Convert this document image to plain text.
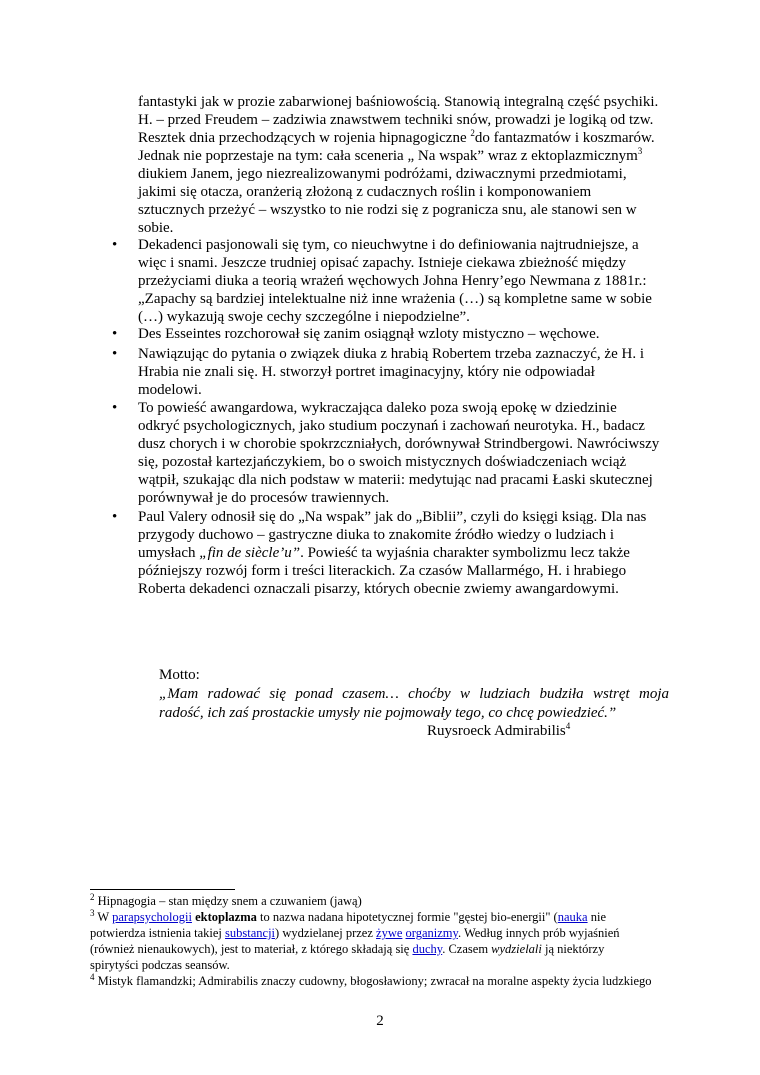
fantastyki jak w prozie zabarwionej baśniowością. Stanowią integralną część psychiki.
H. – przed Freudem – zadziwia znawstwem techniki snów, prowadzi je logiką od tzw.
Resztek dnia przechodzących w rojenia hipnagogiczne $^2$do fantazmatów i koszmarów.
Jednak nie poprzestaje na tym: cała sceneria „ Na wspak” wraz z ektoplazmicznym$^3$
diukiem Janem, jego niezrealizowanymi podróżami, dziwacznymi przedmiotami,
jakimi się otacza, oranżerią złożoną z cudacznych roślin i komponowaniem
sztucznych przeżyć – wszystko to nie rodzi się z pogranicza snu, ale stanowi sen w
sobie.
• Dekadenci pasjonowali się tym, co nieuchwytne i do definiowania najtrudniejsze, a
więc i snami. Jeszcze trudniej opisać zapachy. Istnieje ciekawa zbieżność między
przeżyciami diuka a teorią wrażeń węchowych Johna Henry’ego Newmana z 1881r.:
„Zapachy są bardziej intelektualne niż inne wrażenia (…) są kompletne same w sobie
(…) wykazują swoje cechy szczególne i niepodzielne”.
• Des Esseintes rozchorował się zanim osiągnął wzloty mistyczno – węchowe.
• Nawiązując do pytania o związek diuka z hrabią Robertem trzeba zaznaczyć, że H. i
Hrabia nie znali się. H. stworzył portret imaginacyjny, który nie odpowiadał
modelowi.
• To powieść awangardowa, wykraczająca daleko poza swoją epokę w dziedzinie
odkryć psychologicznych, jako studium poczynań i zachowań neurotyka. H., badacz
dusz chorych i w chorobie spokrzczniałych, dorównywał Strindbergowi. Nawróciwszy
się, pozostał kartezjańczykiem, bo o swoich mistycznych doświadczeniach wciąż
wątpił, szukając dla nich podstaw w materii: medytując nad pracami Łaski skutecznej
porównywał je do procesów trawiennych.
• Paul Valery odnosił się do „Na wspak” jak do „Biblii”, czyli do księgi ksiąg. Dla nas
przygody duchowo – gastryczne diuka to znakomite źródło wiedzy o ludziach i
umysłach „fin de siècle’u”. Powieść ta wyjaśnia charakter symbolizmu lecz także
późniejszy rozwój form i treści literackich. Za czasów Mallarmégo, H. i hrabiego
Roberta dekadenci oznaczali pisarzy, których obecnie zwiemy awangardowymi.
Motto:
„Mam radować się ponad czasem… choćby w ludziach budziła wstręt moja
radość, ich zaś prostackie umysły nie pojmowały tego, co chcę powiedzieć.”
Ruysroeck Admirabilis$^4$
$^2$ Hipnagogia – stan między snem a czuwaniem (jawą)
$^3$ W parapsychologii ektoplazma to nazwa nadana hipotetycznej formie "gęstej bio-energii" (nauka nie
potwierdza istnienia takiej substancji) wydzielanej przez żywe organizmy. Według innych prób wyjaśnień
(również nienaukowych), jest to materiał, z którego składają się duchy. Czasem wydzielali ją niektórzy
spirytyści podczas seansów.
$^4$ Mistyk flamandzki; Admirabilis znaczy cudowny, błogosławiony; zwracał na moralne aspekty życia ludzkiego
2
